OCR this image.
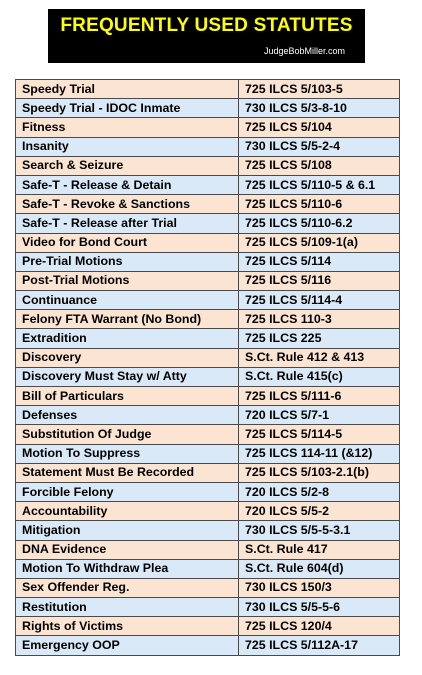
FREQUENTLY USED STATUTES
JudgeBobMiller.com
Speedy Trial	725 ILCS 5/103-5
Speedy Trial - IDOC Inmate	730 ILCS 5/3-8-10
Fitness	725 ILCS 5/104
Insanity	730 ILCS 5/5-2-4
Search & Seizure	725 ILCS 5/108
Safe-T - Release & Detain	725 ILCS 5/110-5 & 6.1
Safe-T - Revoke & Sanctions	725 ILCS 5/110-6
Safe-T - Release after Trial	725 ILCS 5/110-6.2
Video for Bond Court	725 ILCS 5/109-1(a)
Pre-Trial Motions	725 ILCS 5/114
Post-Trial Motions	725 ILCS 5/116
Continuance	725 ILCS 5/114-4
Felony FTA Warrant (No Bond)	725 ILCS 110-3
Extradition	725 ILCS 225
Discovery	S.Ct. Rule 412 & 413
Discovery Must Stay w/ Atty	S.Ct. Rule 415(c)
Bill of Particulars	725 ILCS 5/111-6
Defenses	720 ILCS 5/7-1
Substitution Of Judge	725 ILCS 5/114-5
Motion To Suppress	725 ILCS 114-11 (&12)
Statement Must Be Recorded	725 ILCS 5/103-2.1(b)
Forcible Felony	720 ILCS 5/2-8
Accountability	720 ILCS 5/5-2
Mitigation	730 ILCS 5/5-5-3.1
DNA Evidence	S.Ct. Rule 417
Motion To Withdraw Plea	S.Ct. Rule 604(d)
Sex Offender Reg.	730 ILCS 150/3
Restitution	730 ILCS 5/5-5-6
Rights of Victims	725 ILCS 120/4
Emergency OOP	725 ILCS 5/112A-17
